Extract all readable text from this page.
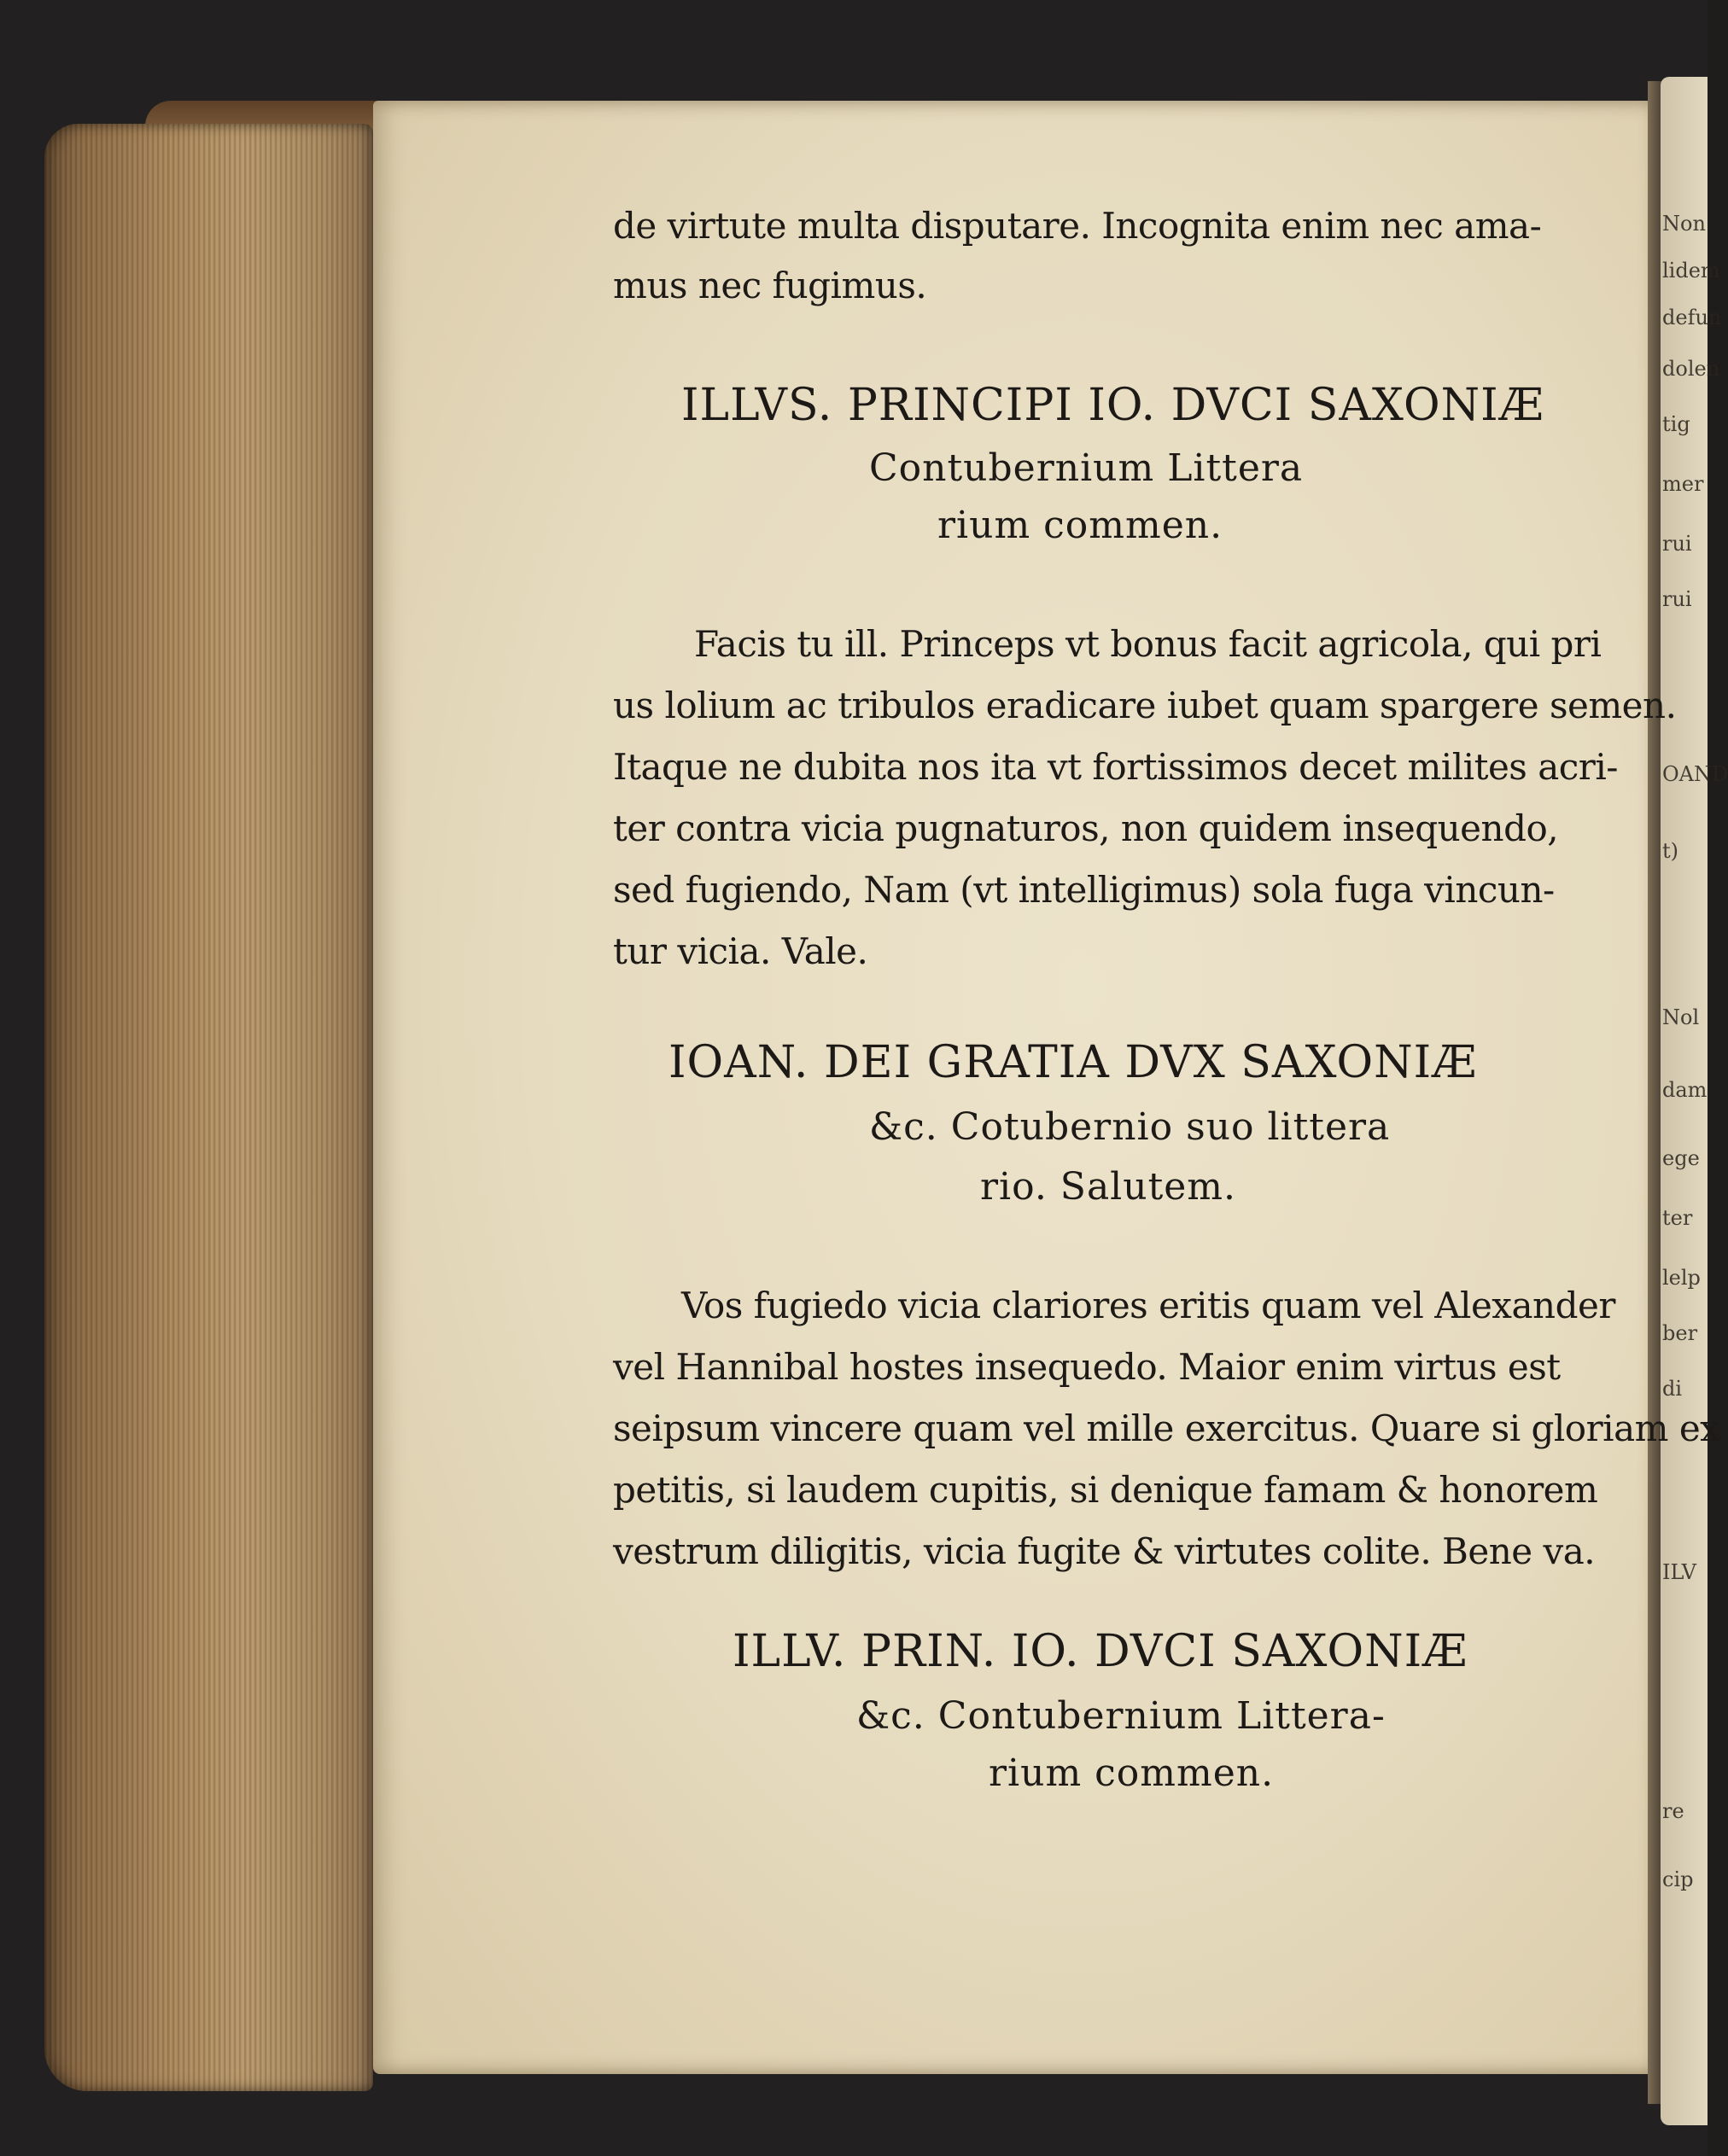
Non
lidem
defun
dolen
tig
mer
rui
rui
OAND
t)
Nol
dam
ege
ter
lelp
ber
di
ILV
re
cip
de virtute multa disputare. Incognita enim nec ama-
mus nec fugimus.
ILLVS. PRINCIPI IO. DVCI SAXONIÆ
Contubernium Littera
rium commen.
Facis tu ill. Princeps vt bonus facit agricola, qui pri
us lolium ac tribulos eradicare iubet quam spargere semen.
Itaque ne dubita nos ita vt fortissimos decet milites acri-
ter contra vicia pugnaturos, non quidem insequendo,
sed fugiendo, Nam (vt intelligimus) sola fuga vincun-
tur vicia. Vale.
IOAN. DEI GRATIA DVX SAXONIÆ
&c. Cotubernio suo littera
rio. Salutem.
Vos fugiedo vicia clariores eritis quam vel Alexander
vel Hannibal hostes insequedo. Maior enim virtus est
seipsum vincere quam vel mille exercitus. Quare si gloriam ex
petitis, si laudem cupitis, si denique famam & honorem
vestrum diligitis, vicia fugite & virtutes colite. Bene va.
ILLV. PRIN. IO. DVCI SAXONIÆ
&c. Contubernium Littera-
rium commen.
